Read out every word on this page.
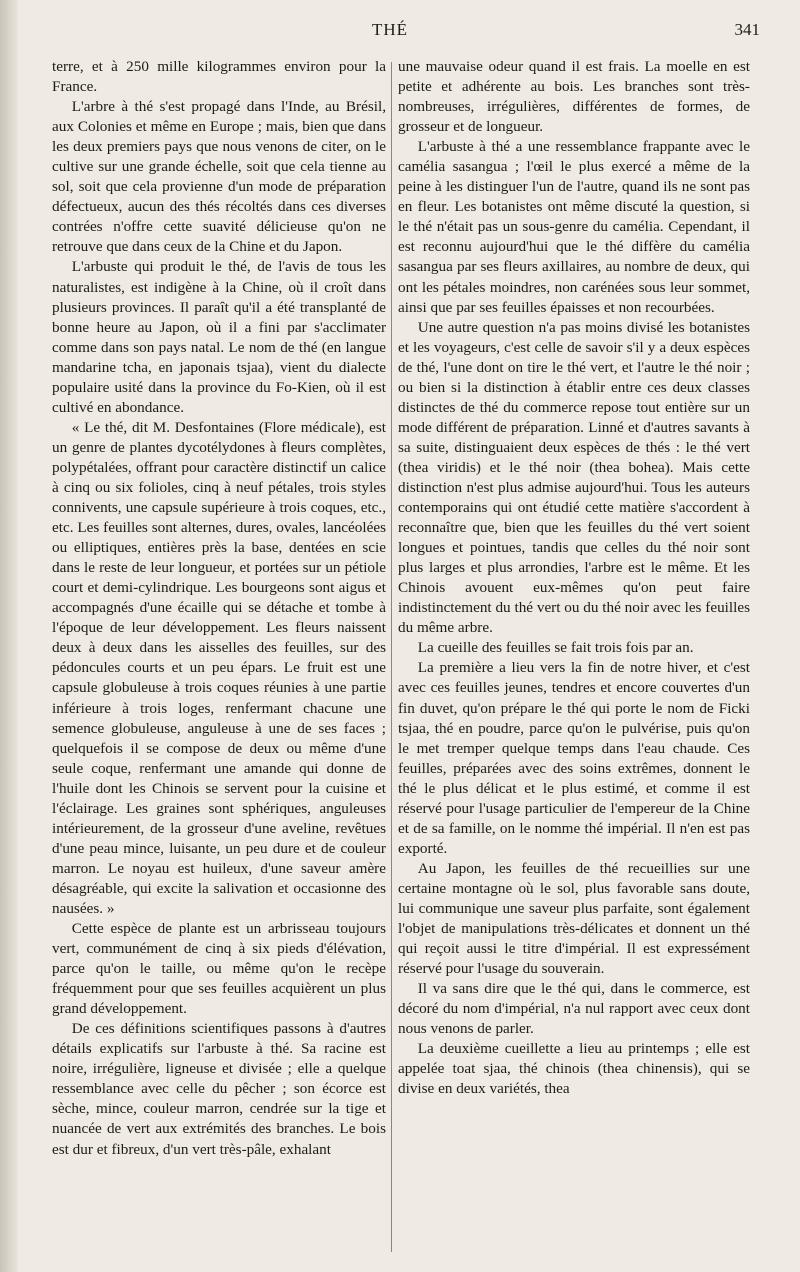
THÉ	341

terre, et à 250 mille kilogrammes environ pour la France.

L'arbre à thé s'est propagé dans l'Inde, au Brésil, aux Colonies et même en Europe ; mais, bien que dans les deux premiers pays que nous venons de citer, on le cultive sur une grande échelle, soit que cela tienne au sol, soit que cela provienne d'un mode de préparation défectueux, aucun des thés récoltés dans ces diverses contrées n'offre cette suavité délicieuse qu'on ne retrouve que dans ceux de la Chine et du Japon.

L'arbuste qui produit le thé, de l'avis de tous les naturalistes, est indigène à la Chine, où il croît dans plusieurs provinces. Il paraît qu'il a été transplanté de bonne heure au Japon, où il a fini par s'acclimater comme dans son pays natal. Le nom de thé (en langue mandarine tcha, en japonais tsjaa), vient du dialecte populaire usité dans la province du Fo-Kien, où il est cultivé en abondance.

« Le thé, dit M. Desfontaines (Flore médicale), est un genre de plantes dycotélydones à fleurs complètes, polypétalées, offrant pour caractère distinctif un calice à cinq ou six folioles, cinq à neuf pétales, trois styles connivents, une capsule supérieure à trois coques, etc., etc. Les feuilles sont alternes, dures, ovales, lancéolées ou elliptiques, entières près la base, dentées en scie dans le reste de leur longueur, et portées sur un pétiole court et demi-cylindrique. Les bourgeons sont aigus et accompagnés d'une écaille qui se détache et tombe à l'époque de leur développement. Les fleurs naissent deux à deux dans les aisselles des feuilles, sur des pédoncules courts et un peu épars. Le fruit est une capsule globuleuse à trois coques réunies à une partie inférieure à trois loges, renfermant chacune une semence globuleuse, anguleuse à une de ses faces ; quelquefois il se compose de deux ou même d'une seule coque, renfermant une amande qui donne de l'huile dont les Chinois se servent pour la cuisine et l'éclairage. Les graines sont sphériques, anguleuses intérieurement, de la grosseur d'une aveline, revêtues d'une peau mince, luisante, un peu dure et de couleur marron. Le noyau est huileux, d'une saveur amère désagréable, qui excite la salivation et occasionne des nausées. »

Cette espèce de plante est un arbrisseau toujours vert, communément de cinq à six pieds d'élévation, parce qu'on le taille, ou même qu'on le recèpe fréquemment pour que ses feuilles acquièrent un plus grand développement.

De ces définitions scientifiques passons à d'autres détails explicatifs sur l'arbuste à thé. Sa racine est noire, irrégulière, ligneuse et divisée ; elle a quelque ressemblance avec celle du pêcher ; son écorce est sèche, mince, couleur marron, cendrée sur la tige et nuancée de vert aux extrémités des branches. Le bois est dur et fibreux, d'un vert très-pâle, exhalant

une mauvaise odeur quand il est frais. La moelle en est petite et adhérente au bois. Les branches sont très-nombreuses, irrégulières, différentes de formes, de grosseur et de longueur.

L'arbuste à thé a une ressemblance frappante avec le camélia sasangua ; l'œil le plus exercé a même de la peine à les distinguer l'un de l'autre, quand ils ne sont pas en fleur. Les botanistes ont même discuté la question, si le thé n'était pas un sous-genre du camélia. Cependant, il est reconnu aujourd'hui que le thé diffère du camélia sasangua par ses fleurs axillaires, au nombre de deux, qui ont les pétales moindres, non carénées sous leur sommet, ainsi que par ses feuilles épaisses et non recourbées.

Une autre question n'a pas moins divisé les botanistes et les voyageurs, c'est celle de savoir s'il y a deux espèces de thé, l'une dont on tire le thé vert, et l'autre le thé noir ; ou bien si la distinction à établir entre ces deux classes distinctes de thé du commerce repose tout entière sur un mode différent de préparation. Linné et d'autres savants à sa suite, distinguaient deux espèces de thés : le thé vert (thea viridis) et le thé noir (thea bohea). Mais cette distinction n'est plus admise aujourd'hui. Tous les auteurs contemporains qui ont étudié cette matière s'accordent à reconnaître que, bien que les feuilles du thé vert soient longues et pointues, tandis que celles du thé noir sont plus larges et plus arrondies, l'arbre est le même. Et les Chinois avouent eux-mêmes qu'on peut faire indistinctement du thé vert ou du thé noir avec les feuilles du même arbre.

La cueille des feuilles se fait trois fois par an.

La première a lieu vers la fin de notre hiver, et c'est avec ces feuilles jeunes, tendres et encore couvertes d'un fin duvet, qu'on prépare le thé qui porte le nom de Ficki tsjaa, thé en poudre, parce qu'on le pulvérise, puis qu'on le met tremper quelque temps dans l'eau chaude. Ces feuilles, préparées avec des soins extrêmes, donnent le thé le plus délicat et le plus estimé, et comme il est réservé pour l'usage particulier de l'empereur de la Chine et de sa famille, on le nomme thé impérial. Il n'en est pas exporté.

Au Japon, les feuilles de thé recueillies sur une certaine montagne où le sol, plus favorable sans doute, lui communique une saveur plus parfaite, sont également l'objet de manipulations très-délicates et donnent un thé qui reçoit aussi le titre d'impérial. Il est expressément réservé pour l'usage du souverain.

Il va sans dire que le thé qui, dans le commerce, est décoré du nom d'impérial, n'a nul rapport avec ceux dont nous venons de parler.

La deuxième cueillette a lieu au printemps ; elle est appelée toat sjaa, thé chinois (thea chinensis), qui se divise en deux variétés, thea
